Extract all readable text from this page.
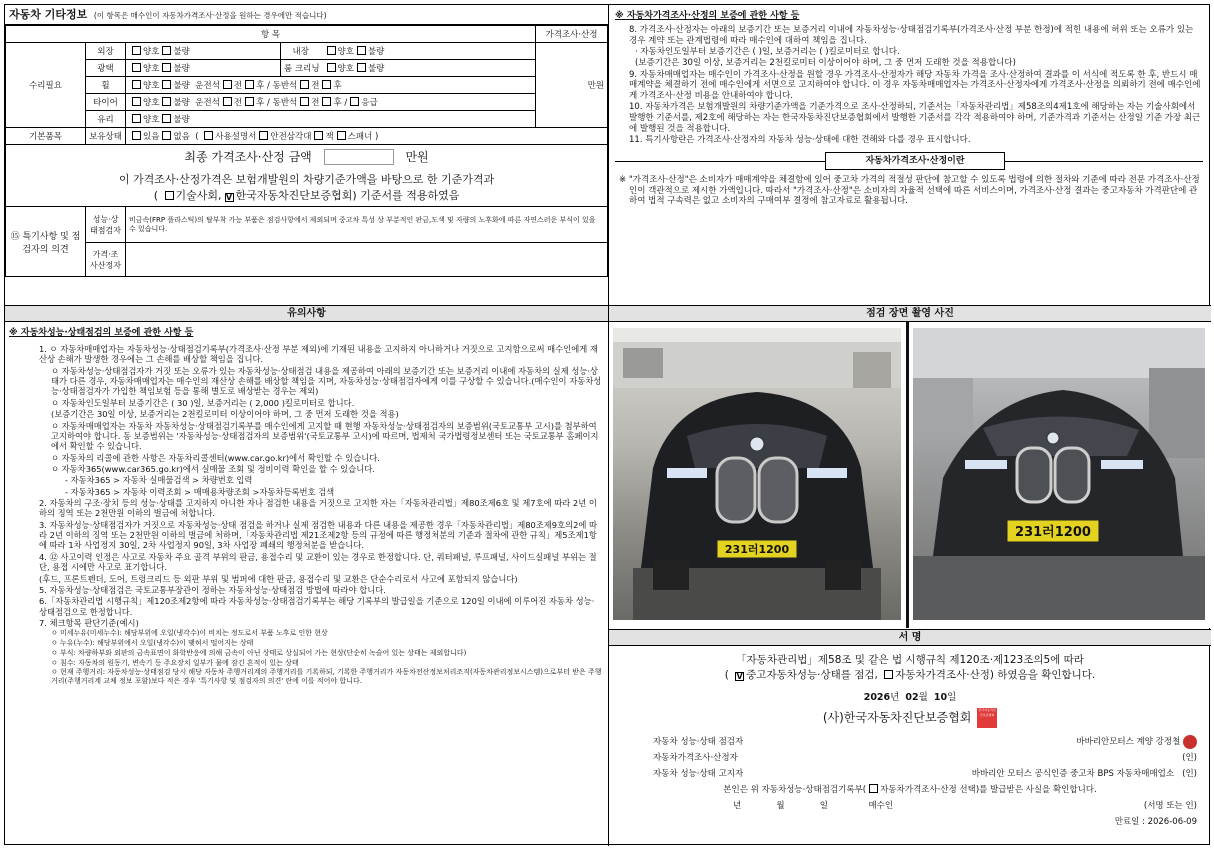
자동차 기타정보 (이 항목은 매수인이 자동차가격조사·산정을 원하는 경우에만 적습니다)
항 목					가격조사·산정	
수리필요	외장	양호 불량	내장	양호 불량	만원	
	광택	양호 불량	룸 크리닝	양호 불량		
	휠	양호 불량 운전석 전 후 / 동반석 전 후				
	타이어	양호 불량 운전석 전 후 / 동반석 전 후 / 응급				
	유리	양호 불량				
기본품목	보유상태	있음 없음  ( 사용설명서 안전삼각대 잭 스패너 )				

최종 가격조사·산정 금액 만원
이 가격조사·산정가격은 보험개발원의 차량기준가액을 바탕으로 한 기준가격과
( 기술사회, V 한국자동차진단보증협회) 기준서를 적용하였음						

⑮ 특기사항 및 점검자의 의견	성능·상태점검자	비금속(FRP 플라스틱)의 탈부착 가능 부품은 점검사항에서 제외되며 중고차 특성 상 부분적인 판금,도색 및 자량의 노후화에 따른 자연스러운 부식이 있을 수 있습니다.				
	가격·조사산정자					
※ 자동차가격조사·산정의 보증에 관한 사항 등

8. 가격조사·산정자는 아래의 보증기간 또는 보증거리 이내에 자동차성능·상태점검기록부(가격조사·산정 부분 한정)에 적힌 내용에 허위 또는 오류가 있는 경우 계약 또는 관계법령에 따라 매수인에 대하여 책임을 집니다.

· 자동차인도일부터 보증기간은 ( )일, 보증거리는 ( )킬로미터로 합니다.

(보증기간은 30일 이상, 보증거리는 2천킬로미터 이상이어야 하며, 그 중 먼저 도래한 것을 적용합니다)

9. 자동차매매업자는 매수인이 가격조사·산정을 원할 경우 가격조사·산정자가 해당 자동차 가격을 조사·산정하여 결과를 이 서식에 적도록 한 후, 반드시 매매계약을 체결하기 전에 매수인에게 서면으로 고지하여야 합니다. 이 경우 자동차매매업자는 가격조사·산정자에게 가격조사·산정을 의뢰하기 전에 매수인에게 가격조사·산정 비용을 안내하여야 합니다.

10. 자동차가격은 보험개발원의 차량기준가액을 기준가격으로 조사·산정하되, 기준서는「자동차관리법」제58조의4제1호에 해당하는 자는 기술사회에서 발행한 기준서를, 제2호에 해당하는 자는 한국자동차진단보증협회에서 발행한 기준서를 각각 적용하여야 하며, 기준가격과 기준서는 산정일 기준 가장 최근에 발행된 것을 적용합니다.

11. 특기사항란은 가격조사·산정자의 자동차 성능·상태에 대한 견해와 다를 경우 표시합니다.

자동차가격조사·산정이란
※ "가격조사·산정"은 소비자가 매매계약을 체결함에 있어 중고차 가격의 적절성 판단에 참고할 수 있도록 법령에 의한 절차와 기준에 따라 전문 가격조사·산정인이 객관적으로 제시한 가액입니다. 따라서 "가격조사·산정"은 소비자의 자율적 선택에 따른 서비스이며, 가격조사·산정 결과는 중고자동차 가격판단에 관하여 법적 구속력은 없고 소비자의 구매여부 결정에 참고자료로 활용됩니다.
유의사항
※ 자동차성능·상태점검의 보증에 관한 사항 등

1. ㅇ 자동차매매업자는 자동차성능·상태점검기록부(가격조사·산정 부분 제외)에 기재된 내용을 고지하지 아니하거나 거짓으로 고지함으로써 매수인에게 재산상 손해가 발생한 경우에는 그 손해를 배상할 책임을 집니다.

ㅇ 자동차성능·상태점검자가 거짓 또는 오류가 있는 자동차성능·상태점검 내용을 제공하여 아래의 보증기간 또는 보증거리 이내에 자동차의 실제 성능·상태가 다른 경우, 자동차매매업자는 매수인의 재산상 손해를 배상할 책임을 지며, 자동차성능·상태점검자에게 이를 구상할 수 있습니다.(매수인이 자동차성능·상태점검자가 가입한 책임보험 등을 통해 별도로 배상받는 경우는 제외)

ㅇ 자동차인도일부터 보증기간은 ( 30 )일, 보증거리는 ( 2,000 )킬로미터로 합니다.

(보증기간은 30일 이상, 보증거리는 2천킬로미터 이상이어야 하며, 그 중 먼저 도래한 것을 적용)

ㅇ 자동차매매업자는 자동차 자동차성능·상태점검기록부를 매수인에게 고지할 때 현행 자동차성능·상태점검자의 보증범위(국토교통부 고시)를 첨부하여 고지하여야 합니다. 동 보증범위는 '자동차성능·상태점검자의 보증범위'(국토교통부 고시)에 따르며, 법제처 국가법령정보센터 또는 국토교통부 홈페이지에서 확인할 수 있습니다.

ㅇ 자동차의 리콜에 관한 사항은 자동차리콜센터(www.car.go.kr)에서 확인할 수 있습니다.

ㅇ 자동차365(www.car365.go.kr)에서 실매물 조회 및 정비이력 확인을 할 수 있습니다.

- 자동차365 > 자동차 실매물검색 > 차량번호 입력

- 자동차365 > 자동차 이력조회 > 매매용차량조회 >자동차등록번호 검색

2. 자동차의 구조·장치 등의 성능·상태를 고지하지 아니한 자나 점검한 내용을 거짓으로 고지한 자는「자동차관리법」제80조제6호 및 제7호에 따라 2년 이하의 징역 또는 2천만원 이하의 벌금에 처합니다.

3. 자동차성능·상태점검자가 거짓으로 자동차성능·상태 점검을 하거나 실제 점검한 내용과 다른 내용을 제공한 경우「자동차관리법」제80조제9호의2에 따라 2년 이하의 징역 또는 2천만원 이하의 벌금에 처하며,「자동차관리법 제21조제2항 등의 규정에 따른 행정처분의 기준과 절차에 관한 규칙」제5조제1항에 따라 1차 사업정지 30일, 2차 사업정지 90일, 3차 사업장 폐쇄의 행정처분을 받습니다.

4. ⑫ 사고이력 인정은 사고로 자동차 주요 골격 부위의 판금, 용접수리 및 교환이 있는 경우로 한정합니다. 단, 쿼터패널, 루프패널, 사이드실패널 부위는 절단, 용접 시에만 사고로 표기합니다.

(후드, 프론트펜더, 도어, 트렁크리드 등 외판 부위 및 범퍼에 대한 판금, 용접수리 및 교환은 단순수리로서 사고에 포함되지 않습니다)

5. 자동차성능·상태점검은 국토교통부장관이 정하는 자동차성능·상태점검 방법에 따라야 합니다.

6.「자동차관리법 시행규칙」제120조제2항에 따라 자동차성능·상태점검기록부는 해당 기록부의 발급일을 기준으로 120일 이내에 이루어진 자동차 성능·상태점검으로 한정합니다.

7. 체크항목 판단기준(예시)

ㅇ 미세누유(미세누수): 해당부위에 오일(냉각수)이 비치는 정도로서 부품 노후로 인한 현상

ㅇ 누유(누수): 해당부위에서 오일(냉각수)이 맺혀서 떨어지는 상태

ㅇ 부식: 차량하부와 외판의 금속표면이 화학반응에 의해 금속이 아닌 상태로 상실되어 가는 현상(단순히 녹슬어 있는 상태는 제외합니다)

ㅇ 침수: 자동차의 원동기, 변속기 등 주요장치 일부가 물에 잠긴 흔적이 있는 상태

ㅇ 현재 주행거리: 자동차성능·상태점검 당시 해당 자동차 주행거리계의 주행거리를 기록하되, 기록한 주행거리가 자동차전산정보처리조직(자동차관리정보시스템)으로부터 받은 주행거리(주행거리계 교체 정보 포함)보다 적은 경우 '특기사항 및 점검자의 의견' 란에 이를 적어야 합니다.

점검 장면 촬영 사진
231러1200
231러1200
서 명
「자동차관리법」제58조 및 같은 법 시행규칙 제120조·제123조의5에 따라
( V 중고자동차성능·상태를 점검, 자동차가격조사·산정) 하였음을 확인합니다.
2026년 02월 10일
(사)한국자동차진단보증협회 한국자동차진단보증협회
자동차 성능·상태 점검자	바바리안모터스 계양 강정철
자동차가격조사·산정자	(인)
자동차 성능·상태 고지자	바바리안 모터스 공식인증 중고차 BPS 자동차매매업소 (인)
본인은 위 자동차성능·상태점검기록부( 자동차가격조사·산정 선택)를 발급받은 사실을 확인합니다.
년	월	일	매수인	(서명 또는 인)
만료일 : 2026-06-09
